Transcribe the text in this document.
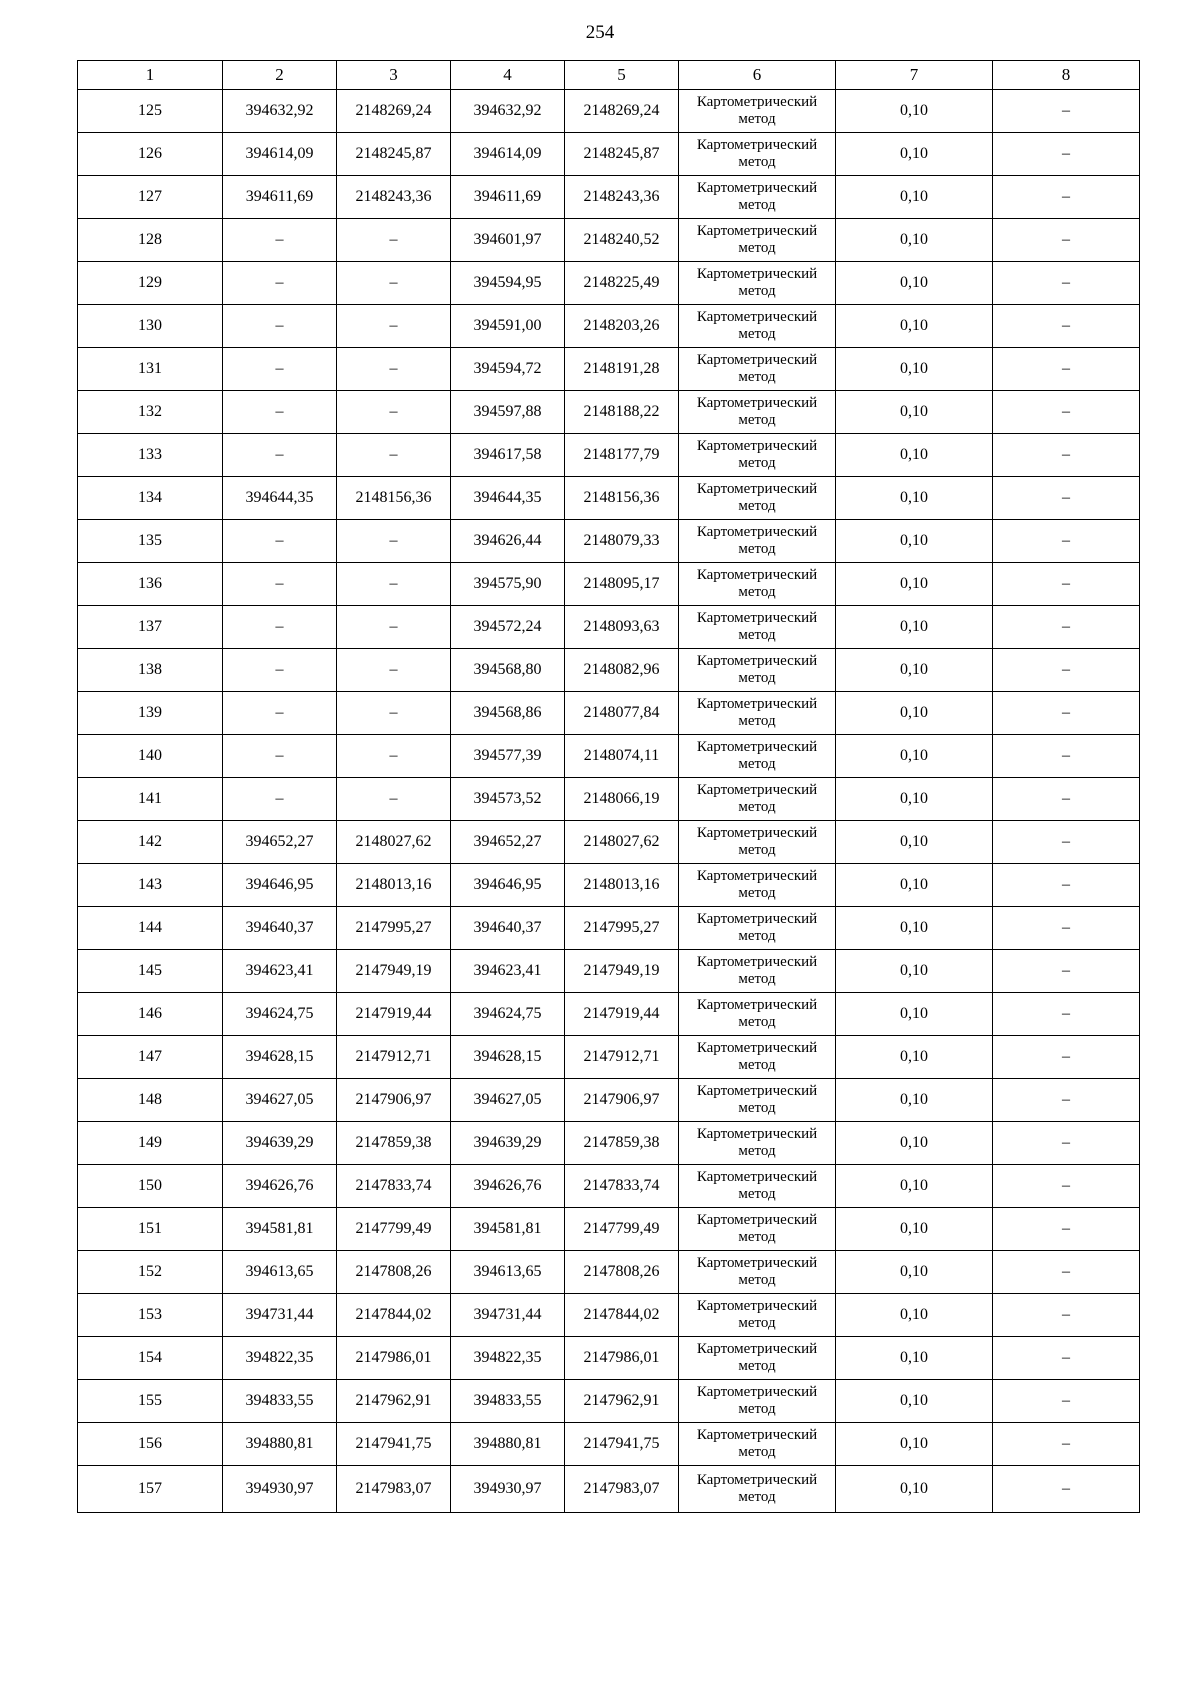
254
1	2	3	4	5	6	7	8
125	394632,92	2148269,24	394632,92	2148269,24	Картометрический
метод	0,10	–
126	394614,09	2148245,87	394614,09	2148245,87	Картометрический
метод	0,10	–
127	394611,69	2148243,36	394611,69	2148243,36	Картометрический
метод	0,10	–
128	–	–	394601,97	2148240,52	Картометрический
метод	0,10	–
129	–	–	394594,95	2148225,49	Картометрический
метод	0,10	–
130	–	–	394591,00	2148203,26	Картометрический
метод	0,10	–
131	–	–	394594,72	2148191,28	Картометрический
метод	0,10	–
132	–	–	394597,88	2148188,22	Картометрический
метод	0,10	–
133	–	–	394617,58	2148177,79	Картометрический
метод	0,10	–
134	394644,35	2148156,36	394644,35	2148156,36	Картометрический
метод	0,10	–
135	–	–	394626,44	2148079,33	Картометрический
метод	0,10	–
136	–	–	394575,90	2148095,17	Картометрический
метод	0,10	–
137	–	–	394572,24	2148093,63	Картометрический
метод	0,10	–
138	–	–	394568,80	2148082,96	Картометрический
метод	0,10	–
139	–	–	394568,86	2148077,84	Картометрический
метод	0,10	–
140	–	–	394577,39	2148074,11	Картометрический
метод	0,10	–
141	–	–	394573,52	2148066,19	Картометрический
метод	0,10	–
142	394652,27	2148027,62	394652,27	2148027,62	Картометрический
метод	0,10	–
143	394646,95	2148013,16	394646,95	2148013,16	Картометрический
метод	0,10	–
144	394640,37	2147995,27	394640,37	2147995,27	Картометрический
метод	0,10	–
145	394623,41	2147949,19	394623,41	2147949,19	Картометрический
метод	0,10	–
146	394624,75	2147919,44	394624,75	2147919,44	Картометрический
метод	0,10	–
147	394628,15	2147912,71	394628,15	2147912,71	Картометрический
метод	0,10	–
148	394627,05	2147906,97	394627,05	2147906,97	Картометрический
метод	0,10	–
149	394639,29	2147859,38	394639,29	2147859,38	Картометрический
метод	0,10	–
150	394626,76	2147833,74	394626,76	2147833,74	Картометрический
метод	0,10	–
151	394581,81	2147799,49	394581,81	2147799,49	Картометрический
метод	0,10	–
152	394613,65	2147808,26	394613,65	2147808,26	Картометрический
метод	0,10	–
153	394731,44	2147844,02	394731,44	2147844,02	Картометрический
метод	0,10	–
154	394822,35	2147986,01	394822,35	2147986,01	Картометрический
метод	0,10	–
155	394833,55	2147962,91	394833,55	2147962,91	Картометрический
метод	0,10	–
156	394880,81	2147941,75	394880,81	2147941,75	Картометрический
метод	0,10	–
157	394930,97	2147983,07	394930,97	2147983,07	Картометрический
метод	0,10	–
